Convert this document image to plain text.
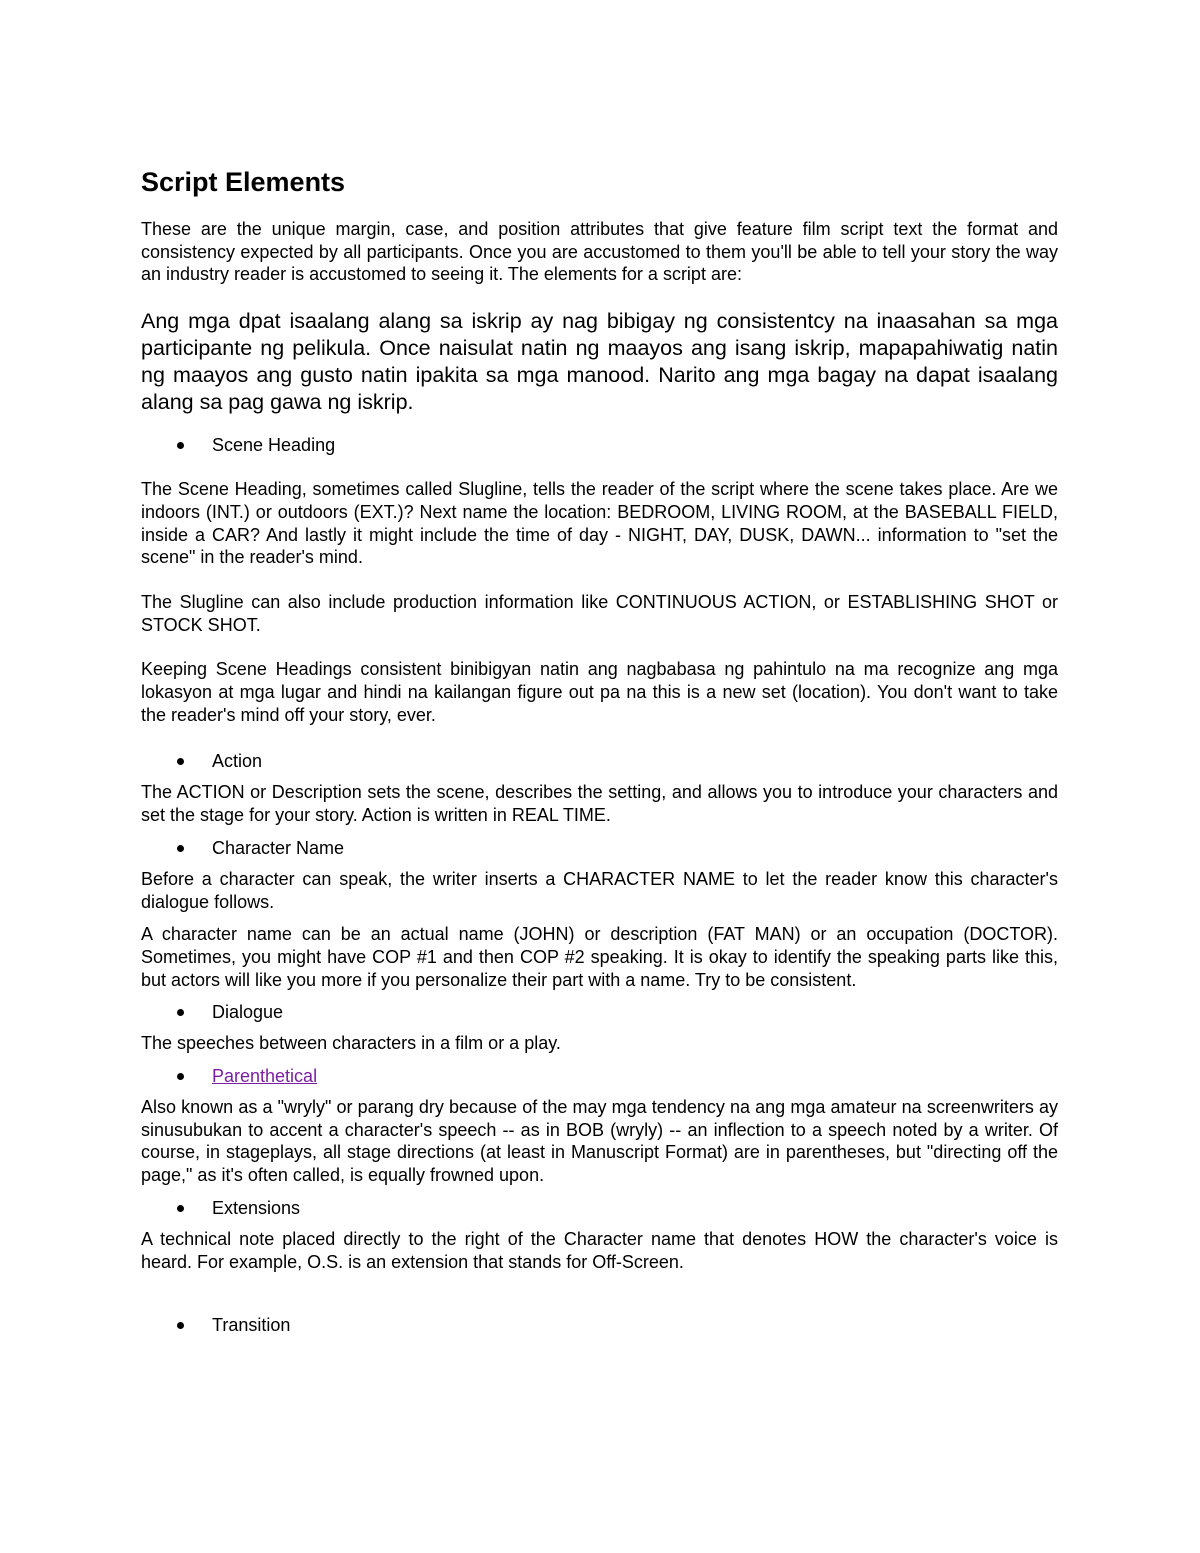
Script Elements

These are the unique margin, case, and position attributes that give feature film script text the format and consistency expected by all participants. Once you are accustomed to them you'll be able to tell your story the way an industry reader is accustomed to seeing it. The elements for a script are:

Ang mga dpat isaalang alang sa iskrip ay nag bibigay ng consistentcy na inaasahan sa mga participante ng pelikula. Once naisulat natin ng maayos ang isang iskrip, mapapahiwatig natin ng maayos ang gusto natin ipakita sa mga manood. Narito ang mga bagay na dapat isaalang alang sa pag gawa ng iskrip.

Scene Heading

The Scene Heading, sometimes called Slugline, tells the reader of the script where the scene takes place. Are we indoors (INT.) or outdoors (EXT.)? Next name the location: BEDROOM, LIVING ROOM, at the BASEBALL FIELD, inside a CAR? And lastly it might include the time of day - NIGHT, DAY, DUSK, DAWN... information to "set the scene" in the reader's mind.

The Slugline can also include production information like CONTINUOUS ACTION, or ESTABLISHING SHOT or STOCK SHOT.

Keeping Scene Headings consistent binibigyan natin ang nagbabasa ng pahintulo na ma recognize ang mga lokasyon at mga lugar and hindi na kailangan figure out pa na this is a new set (location). You don't want to take the reader's mind off your story, ever.

Action

The ACTION or Description sets the scene, describes the setting, and allows you to introduce your characters and set the stage for your story. Action is written in REAL TIME.

Character Name

Before a character can speak, the writer inserts a CHARACTER NAME to let the reader know this character's dialogue follows.

A character name can be an actual name (JOHN) or description (FAT MAN) or an occupation (DOCTOR). Sometimes, you might have COP #1 and then COP #2 speaking. It is okay to identify the speaking parts like this, but actors will like you more if you personalize their part with a name. Try to be consistent.

Dialogue

The speeches between characters in a film or a play.

Parenthetical

Also known as a "wryly" or parang dry because of the may mga tendency na ang mga amateur na screenwriters ay sinusubukan to accent a character's speech -- as in BOB (wryly) -- an inflection to a speech noted by a writer. Of course, in stageplays, all stage directions (at least in Manuscript Format) are in parentheses, but "directing off the page," as it's often called, is equally frowned upon.

Extensions

A technical note placed directly to the right of the Character name that denotes HOW the character's voice is heard. For example, O.S. is an extension that stands for Off-Screen.

Transition
